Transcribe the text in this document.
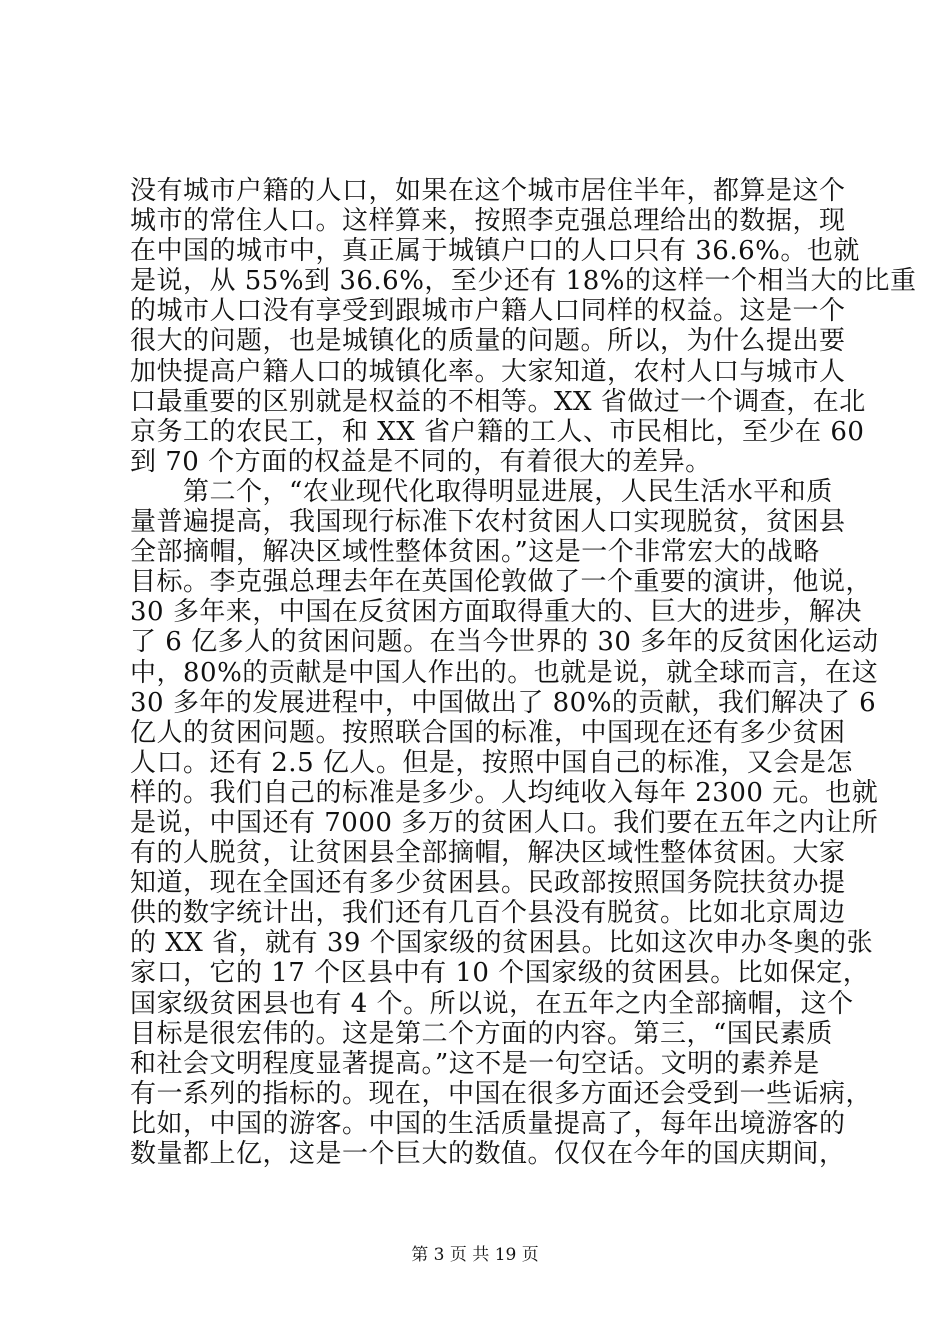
没有城市户籍的人口，如果在这个城市居住半年，都算是这个
城市的常住人口。这样算来，按照李克强总理给出的数据，现
在中国的城市中，真正属于城镇户口的人口只有 36.6%。也就
是说，从 55%到 36.6%，至少还有 18%的这样一个相当大的比重
的城市人口没有享受到跟城市户籍人口同样的权益。这是一个
很大的问题，也是城镇化的质量的问题。所以，为什么提出要
加快提高户籍人口的城镇化率。大家知道，农村人口与城市人
口最重要的区别就是权益的不相等。XX 省做过一个调查，在北
京务工的农民工，和 XX 省户籍的工人、市民相比，至少在 60
到 70 个方面的权益是不同的，有着很大的差异。
　　第二个，“农业现代化取得明显进展，人民生活水平和质
量普遍提高，我国现行标准下农村贫困人口实现脱贫，贫困县
全部摘帽，解决区域性整体贫困。”这是一个非常宏大的战略
目标。李克强总理去年在英国伦敦做了一个重要的演讲，他说，
30 多年来，中国在反贫困方面取得重大的、巨大的进步，解决
了 6 亿多人的贫困问题。在当今世界的 30 多年的反贫困化运动
中，80%的贡献是中国人作出的。也就是说，就全球而言，在这
30 多年的发展进程中，中国做出了 80%的贡献，我们解决了 6
亿人的贫困问题。按照联合国的标准，中国现在还有多少贫困
人口。还有 2.5 亿人。但是，按照中国自己的标准，又会是怎
样的。我们自己的标准是多少。人均纯收入每年 2300 元。也就
是说，中国还有 7000 多万的贫困人口。我们要在五年之内让所
有的人脱贫，让贫困县全部摘帽，解决区域性整体贫困。大家
知道，现在全国还有多少贫困县。民政部按照国务院扶贫办提
供的数字统计出，我们还有几百个县没有脱贫。比如北京周边
的 XX 省，就有 39 个国家级的贫困县。比如这次申办冬奥的张
家口，它的 17 个区县中有 10 个国家级的贫困县。比如保定，
国家级贫困县也有 4 个。所以说，在五年之内全部摘帽，这个
目标是很宏伟的。这是第二个方面的内容。第三，“国民素质
和社会文明程度显著提高。”这不是一句空话。文明的素养是
有一系列的指标的。现在，中国在很多方面还会受到一些诟病，
比如，中国的游客。中国的生活质量提高了，每年出境游客的
数量都上亿，这是一个巨大的数值。仅仅在今年的国庆期间，
第 3 页 共 19 页
